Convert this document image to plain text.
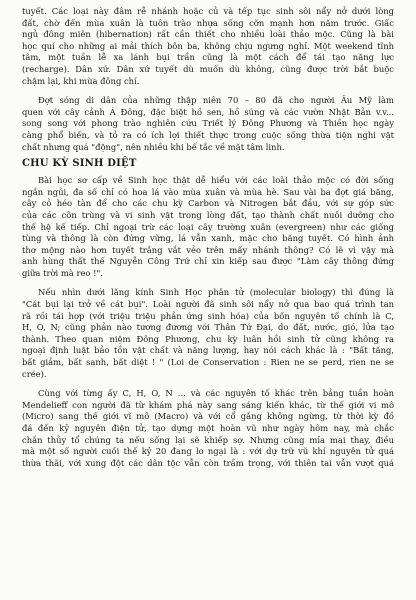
tuyết. Các loại này đâm rễ nhánh hoặc củ và tếp tục sinh sôi nẩy nở dưới lòng
đất, chờ đến mùa xuân là tuôn trào nhựa sống cỡn mạnh hơn năm trước. Giấc
ngủ đông miên (hibernation) rất cần thiết cho nhiều loài thảo mộc. Cũng là bài
học quí cho những ai mải thích bôn ba, không chịu ngưng nghỉ. Một weekend tĩnh
tâm, một tuần lễ xa lánh bụi trần cũng là một cách để tái tạo năng lực
(recharge). Dân xứ. Dân xứ tuyết dù muốn dù không, cũng được trời bắt buộc
chậm lại, khi mùa đông chí.

Đợt sóng di dân của những thập niên 70 – 80 đã cho người Âu Mỹ làm
quen với cây cảnh Á Đông, đặc biệt hồ sen, hồ súng và các vườn Nhật Bản v.v...
song song với phong trào nghiên cứu Triết lý Đông Phương và Thiền học ngày
càng phổ biến, và tỏ ra có ích lợi thiết thực trong cuộc sống thừa tiện nghi vật
chất nhưng quá "động", nên nhiều khi bế tắc về mặt tâm linh.

CHU KỲ SINH DIỆT

Bài học sơ cấp về Sinh học thật dễ hiểu với các loài thảo mộc có đời sống
ngắn ngủi, đa số chỉ có hoa lá vào mùa xuân và mùa hè. Sau vài ba đợt giá băng,
cây cỏ héo tàn để cho các chu kỳ Carbon và Nitrogen bắt đầu, với sự góp sức
của các côn trùng và vi sinh vật trong lòng đất, tạo thành chất nuôi dưỡng cho
thế hệ kế tiếp. Chỉ ngoại trừ các loại cây trường xuân (evergreen) như các giống
tùng và thông là còn đứng vững, lá vẫn xanh, mặc cho băng tuyết. Có hình ảnh
thơ mộng nào hơn tuyết trắng vắt vẻo trên mấy nhánh thông? Có lẽ vì vậy mà
anh hùng thất thế Nguyễn Công Trứ chỉ xin kiếp sau được "Làm cây thông đứng
giữa trời mà reo !".

Nếu nhìn dưới lăng kính Sinh Học phân tử (molecular biology) thì đúng là
"Cát bụi lại trở về cát bụi". Loài người đã sinh sôi nẩy nở qua bao quá trình tan
rã rồi tái hợp (với triệu triệu phản ứng sinh hóa) của bốn nguyên tố chính là C,
H, O, N; cũng phản nào tương đương với Thân Tứ Đại, do đất, nước, gió, lửa tạo
thành. Theo quan niệm Đông Phương, chu kỳ luân hồi sinh tử cũng không ra
ngoại định luật bảo tồn vật chất và năng lượng, hay nói cách khác là : "Bất tăng,
bất giảm, bất sanh, bất diệt ! " (Loi de Conservation : Rien ne se perd, rien ne se
crée).

Cùng với từng ấy C, H, O, N ... và các nguyên tố khác trên bảng tuần hoàn
Mendelieff con người đã từ khám phá này sang sáng kiến khác, từ thế giới vi mô
(Micro) sang thế giới vĩ mô (Macro) và với cổ gắng không ngừng, từ thời kỳ đồ
đá đến kỷ nguyên điện tử, tạo dựng một hoàn vũ như ngày hôm nay, mà chắc
chắn thủy tổ chúng ta nếu sống lại sẽ khiếp sợ. Nhưng cũng mỉa mai thay, điều
mà một số người cuối thế kỷ 20 đang lo ngại là : với dự trữ vũ khí nguyên tử quá
thừa thãi, với xung đột các dân tộc vẫn còn trầm trọng, với thiên tai vẫn vượt quá
